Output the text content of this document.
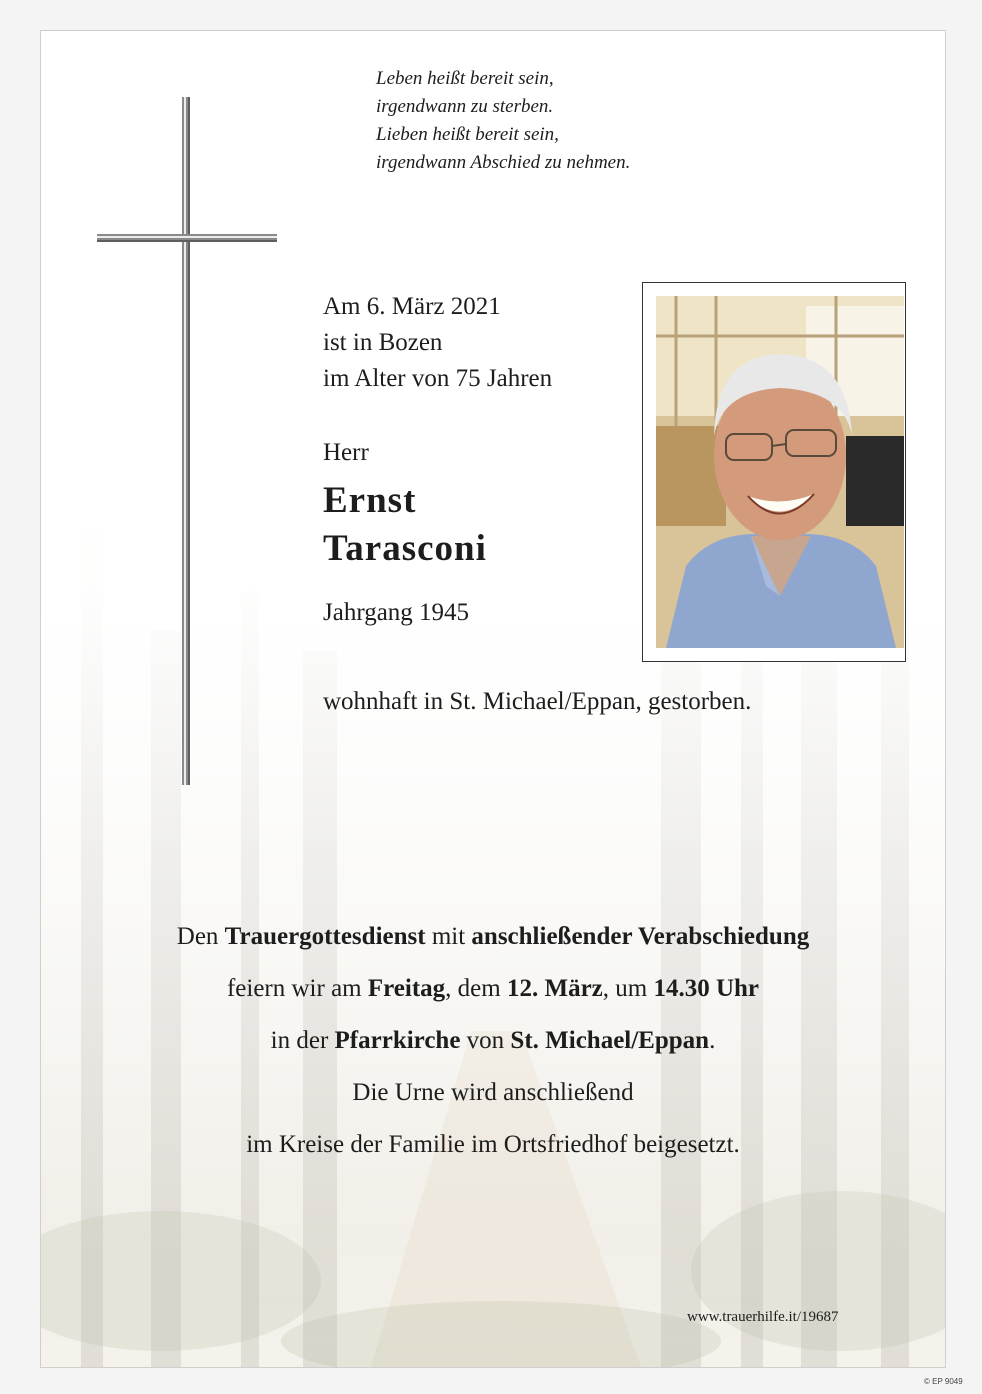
Leben heißt bereit sein,
irgendwann zu sterben.
Lieben heißt bereit sein,
irgendwann Abschied zu nehmen.
Am 6. März 2021
ist in Bozen
im Alter von 75 Jahren
Herr
Ernst
Tarasconi
Jahrgang 1945
wohnhaft in St. Michael/Eppan, gestorben.
Den Trauergottesdienst mit anschließender Verabschiedung
feiern wir am Freitag, dem 12. März, um 14.30 Uhr
in der Pfarrkirche von St. Michael/Eppan.
Die Urne wird anschließend
im Kreise der Familie im Ortsfriedhof beigesetzt.
www.trauerhilfe.it/19687
© EP 9049
